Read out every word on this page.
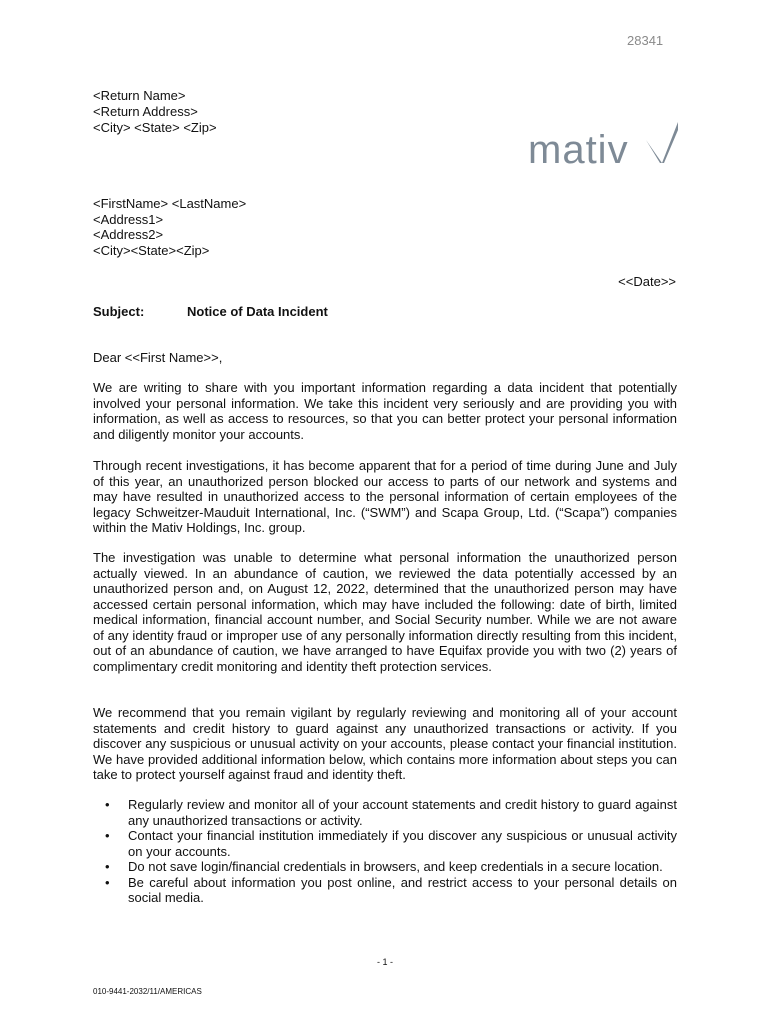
28341
<Return Name>
<Return Address>
<City> <State> <Zip>
mativ
<FirstName> <LastName>
<Address1>
<Address2>
<City><State><Zip>
<<Date>>
Subject:	Notice of Data Incident
Dear <<First Name>>,
We are writing to share with you important information regarding a data incident that potentially involved your personal information. We take this incident very seriously and are providing you with information, as well as access to resources, so that you can better protect your personal information and diligently monitor your accounts.
Through recent investigations, it has become apparent that for a period of time during June and July of this year, an unauthorized person blocked our access to parts of our network and systems and may have resulted in unauthorized access to the personal information of certain employees of the legacy Schweitzer-Mauduit International, Inc. (“SWM”) and Scapa Group, Ltd. (“Scapa”) companies within the Mativ Holdings, Inc. group.
The investigation was unable to determine what personal information the unauthorized person actually viewed. In an abundance of caution, we reviewed the data potentially accessed by an unauthorized person and, on August 12, 2022, determined that the unauthorized person may have accessed certain personal information, which may have included the following: date of birth, limited medical information, financial account number, and Social Security number. While we are not aware of any identity fraud or improper use of any personally information directly resulting from this incident, out of an abundance of caution, we have arranged to have Equifax provide you with two (2) years of complimentary credit monitoring and identity theft protection services.
We recommend that you remain vigilant by regularly reviewing and monitoring all of your account statements and credit history to guard against any unauthorized transactions or activity. If you discover any suspicious or unusual activity on your accounts, please contact your financial institution. We have provided additional information below, which contains more information about steps you can take to protect yourself against fraud and identity theft.
• Regularly review and monitor all of your account statements and credit history to guard against any unauthorized transactions or activity.
• Contact your financial institution immediately if you discover any suspicious or unusual activity on your accounts.
• Do not save login/financial credentials in browsers, and keep credentials in a secure location.
• Be careful about information you post online, and restrict access to your personal details on social media.
- 1 -
010-9441-2032/11/AMERICAS
